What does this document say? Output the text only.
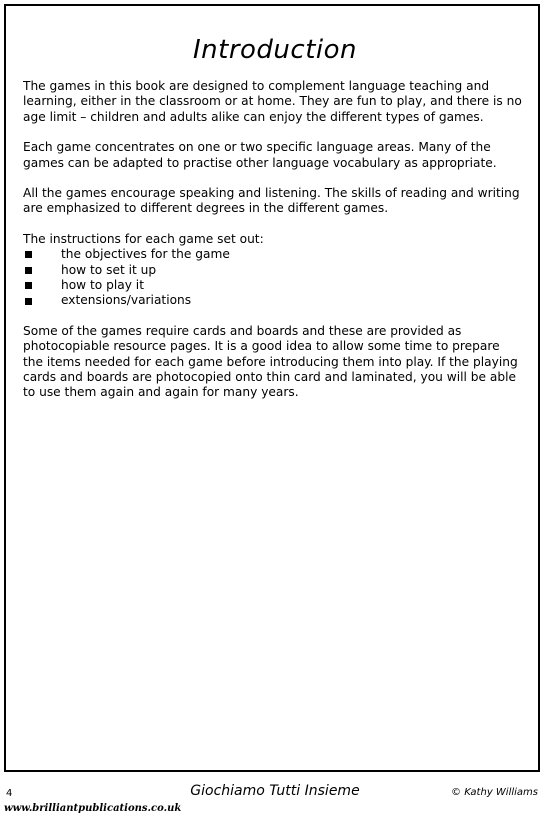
Introduction

The games in this book are designed to complement language teaching and learning, either in the classroom or at home. They are fun to play, and there is no age limit – children and adults alike can enjoy the different types of games.

Each game concentrates on one or two specific language areas. Many of the games can be adapted to practise other language vocabulary as appropriate.

All the games encourage speaking and listening. The skills of reading and writing are emphasized to different degrees in the different games.

The instructions for each game set out:

the objectives for the game
how to set it up
how to play it
extensions/variations

Some of the games require cards and boards and these are provided as photocopiable resource pages. It is a good idea to allow some time to prepare the items needed for each game before introducing them into play. If the playing cards and boards are photocopied onto thin card and laminated, you will be able to use them again and again for many years.

4
www.brilliantpublications.co.uk
Giochiamo Tutti Insieme	© Kathy Williams
